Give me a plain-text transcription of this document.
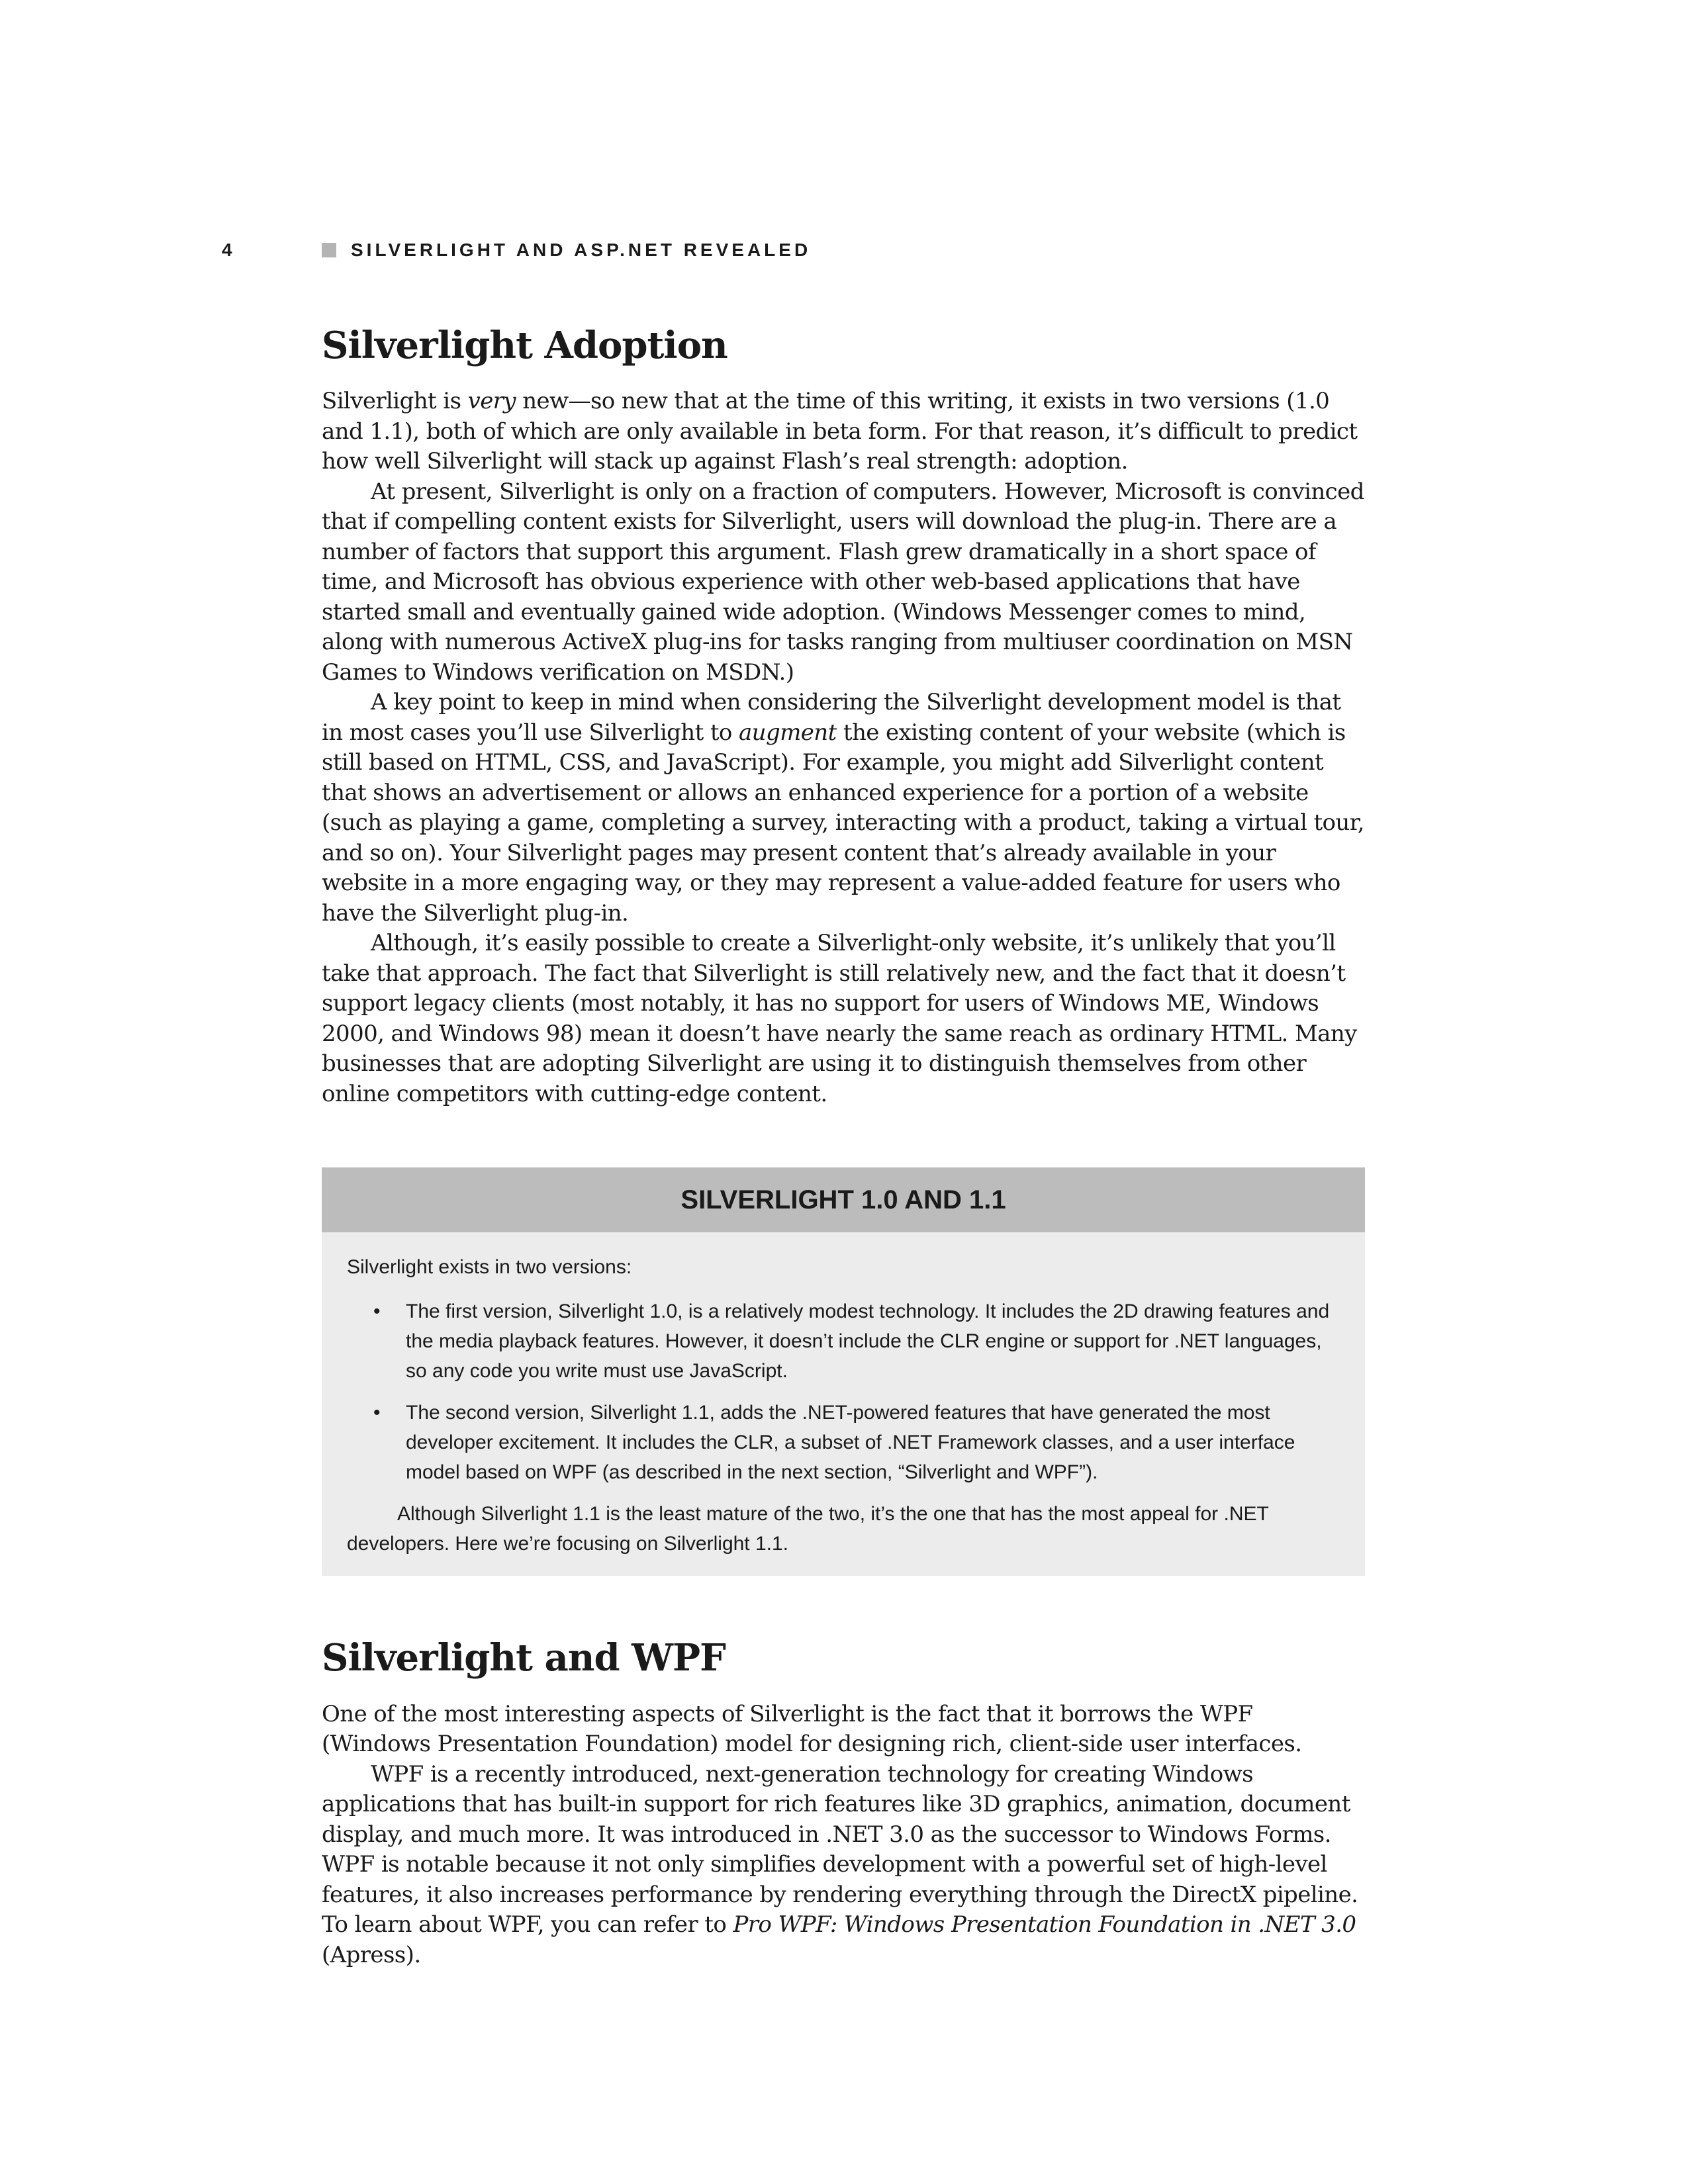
4	SILVERLIGHT AND ASP.NET REVEALED
Silverlight Adoption

Silverlight is very new—so new that at the time of this writing, it exists in two versions (1.0 and 1.1), both of which are only available in beta form. For that reason, it’s difficult to predict how well Silverlight will stack up against Flash’s real strength: adoption.

At present, Silverlight is only on a fraction of computers. However, Microsoft is convinced that if compelling content exists for Silverlight, users will download the plug-in. There are a number of factors that support this argument. Flash grew dramatically in a short space of time, and Microsoft has obvious experience with other web-based applications that have started small and eventually gained wide adoption. (Windows Messenger comes to mind, along with numerous ActiveX plug-ins for tasks ranging from multiuser coordination on MSN Games to Windows verification on MSDN.)

A key point to keep in mind when considering the Silverlight development model is that in most cases you’ll use Silverlight to augment the existing content of your website (which is still based on HTML, CSS, and JavaScript). For example, you might add Silverlight content that shows an advertisement or allows an enhanced experience for a portion of a website (such as playing a game, completing a survey, interacting with a product, taking a virtual tour, and so on). Your Silverlight pages may present content that’s already available in your website in a more engaging way, or they may represent a value-added feature for users who have the Silverlight plug-in.

Although, it’s easily possible to create a Silverlight-only website, it’s unlikely that you’ll take that approach. The fact that Silverlight is still relatively new, and the fact that it doesn’t support legacy clients (most notably, it has no support for users of Windows ME, Windows 2000, and Windows 98) mean it doesn’t have nearly the same reach as ordinary HTML. Many businesses that are adopting Silverlight are using it to distinguish themselves from other online competitors with cutting-edge content.

SILVERLIGHT 1.0 AND 1.1

Silverlight exists in two versions:

• The first version, Silverlight 1.0, is a relatively modest technology. It includes the 2D drawing features and the media playback features. However, it doesn’t include the CLR engine or support for .NET languages, so any code you write must use JavaScript.
• The second version, Silverlight 1.1, adds the .NET-powered features that have generated the most developer excitement. It includes the CLR, a subset of .NET Framework classes, and a user interface model based on WPF (as described in the next section, “Silverlight and WPF”).

Although Silverlight 1.1 is the least mature of the two, it’s the one that has the most appeal for .NET developers. Here we’re focusing on Silverlight 1.1.

Silverlight and WPF

One of the most interesting aspects of Silverlight is the fact that it borrows the WPF (Windows Presentation Foundation) model for designing rich, client-side user interfaces.

WPF is a recently introduced, next-generation technology for creating Windows applications that has built-in support for rich features like 3D graphics, animation, document display, and much more. It was introduced in .NET 3.0 as the successor to Windows Forms. WPF is notable because it not only simplifies development with a powerful set of high-level features, it also increases performance by rendering everything through the DirectX pipeline. To learn about WPF, you can refer to Pro WPF: Windows Presentation Foundation in .NET 3.0 (Apress).
